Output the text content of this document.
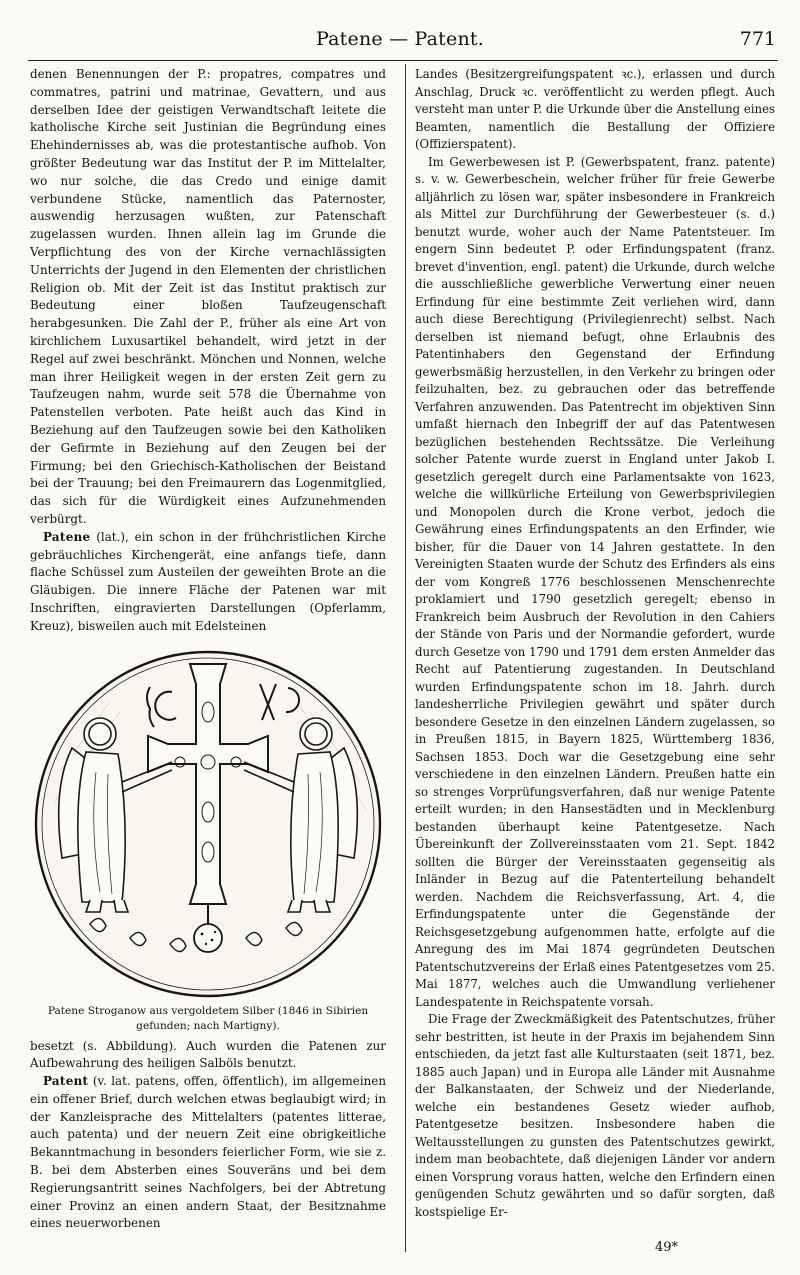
Patene — Patent.	771

denen Benennungen der P.: propatres, compatres und commatres, patrini und matrinae, Gevattern, und aus derselben Idee der geistigen Verwandtschaft leitete die katholische Kirche seit Justinian die Begründung eines Ehehindernisses ab, was die protestantische aufhob. Von größter Bedeutung war das Institut der P. im Mittelalter, wo nur solche, die das Credo und einige damit verbundene Stücke, namentlich das Paternoster, auswendig herzusagen wußten, zur Patenschaft zugelassen wurden. Ihnen allein lag im Grunde die Verpflichtung des von der Kirche vernachlässigten Unterrichts der Jugend in den Elementen der christlichen Religion ob. Mit der Zeit ist das Institut praktisch zur Bedeutung einer bloßen Taufzeugenschaft herabgesunken. Die Zahl der P., früher als eine Art von kirchlichem Luxusartikel behandelt, wird jetzt in der Regel auf zwei beschränkt. Mönchen und Nonnen, welche man ihrer Heiligkeit wegen in der ersten Zeit gern zu Taufzeugen nahm, wurde seit 578 die Übernahme von Patenstellen verboten. Pate heißt auch das Kind in Beziehung auf den Taufzeugen sowie bei den Katholiken der Gefirmte in Beziehung auf den Zeugen bei der Firmung; bei den Griechisch-Katholischen der Beistand bei der Trauung; bei den Freimaurern das Logenmitglied, das sich für die Würdigkeit eines Aufzunehmenden verbürgt.

Patene (lat.), ein schon in der frühchristlichen Kirche gebräuchliches Kirchengerät, eine anfangs tiefe, dann flache Schüssel zum Austeilen der geweihten Brote an die Gläubigen. Die innere Fläche der Patenen war mit Inschriften, eingravierten Darstellungen (Opferlamm, Kreuz), bisweilen auch mit Edelsteinen

Patene Stroganow aus vergoldetem Silber (1846 in Sibirien gefunden; nach Martigny).

besetzt (s. Abbildung). Auch wurden die Patenen zur Aufbewahrung des heiligen Salböls benutzt.

Patent (v. lat. patens, offen, öffentlich), im allgemeinen ein offener Brief, durch welchen etwas beglaubigt wird; in der Kanzleisprache des Mittelalters (patentes litterae, auch patenta) und der neuern Zeit eine obrigkeitliche Bekanntmachung in besonders feierlicher Form, wie sie z. B. bei dem Absterben eines Souveräns und bei dem Regierungsantritt seines Nachfolgers, bei der Abtretung einer Provinz an einen andern Staat, der Besitznahme eines neuerworbenen

Landes (Besitzergreifungspatent ꝛc.), erlassen und durch Anschlag, Druck ꝛc. veröffentlicht zu werden pflegt. Auch versteht man unter P. die Urkunde über die Anstellung eines Beamten, namentlich die Bestallung der Offiziere (Offizierspatent).

Im Gewerbewesen ist P. (Gewerbspatent, franz. patente) s. v. w. Gewerbeschein, welcher früher für freie Gewerbe alljährlich zu lösen war, später insbesondere in Frankreich als Mittel zur Durchführung der Gewerbesteuer (s. d.) benutzt wurde, woher auch der Name Patentsteuer. Im engern Sinn bedeutet P. oder Erfindungspatent (franz. brevet d'invention, engl. patent) die Urkunde, durch welche die ausschließliche gewerbliche Verwertung einer neuen Erfindung für eine bestimmte Zeit verliehen wird, dann auch diese Berechtigung (Privilegienrecht) selbst. Nach derselben ist niemand befugt, ohne Erlaubnis des Patentinhabers den Gegenstand der Erfindung gewerbsmäßig herzustellen, in den Verkehr zu bringen oder feilzuhalten, bez. zu gebrauchen oder das betreffende Verfahren anzuwenden. Das Patentrecht im objektiven Sinn umfaßt hiernach den Inbegriff der auf das Patentwesen bezüglichen bestehenden Rechtssätze. Die Verleihung solcher Patente wurde zuerst in England unter Jakob I. gesetzlich geregelt durch eine Parlamentsakte von 1623, welche die willkürliche Erteilung von Gewerbsprivilegien und Monopolen durch die Krone verbot, jedoch die Gewährung eines Erfindungspatents an den Erfinder, wie bisher, für die Dauer von 14 Jahren gestattete. In den Vereinigten Staaten wurde der Schutz des Erfinders als eins der vom Kongreß 1776 beschlossenen Menschenrechte proklamiert und 1790 gesetzlich geregelt; ebenso in Frankreich beim Ausbruch der Revolution in den Cahiers der Stände von Paris und der Normandie gefordert, wurde durch Gesetze von 1790 und 1791 dem ersten Anmelder das Recht auf Patentierung zugestanden. In Deutschland wurden Erfindungspatente schon im 18. Jahrh. durch landesherrliche Privilegien gewährt und später durch besondere Gesetze in den einzelnen Ländern zugelassen, so in Preußen 1815, in Bayern 1825, Württemberg 1836, Sachsen 1853. Doch war die Gesetzgebung eine sehr verschiedene in den einzelnen Ländern. Preußen hatte ein so strenges Vorprüfungsverfahren, daß nur wenige Patente erteilt wurden; in den Hansestädten und in Mecklenburg bestanden überhaupt keine Patentgesetze. Nach Übereinkunft der Zollvereinsstaaten vom 21. Sept. 1842 sollten die Bürger der Vereinsstaaten gegenseitig als Inländer in Bezug auf die Patenterteilung behandelt werden. Nachdem die Reichsverfassung, Art. 4, die Erfindungspatente unter die Gegenstände der Reichsgesetzgebung aufgenommen hatte, erfolgte auf die Anregung des im Mai 1874 gegründeten Deutschen Patentschutzvereins der Erlaß eines Patentgesetzes vom 25. Mai 1877, welches auch die Umwandlung verliehener Landespatente in Reichspatente vorsah.

Die Frage der Zweckmäßigkeit des Patentschutzes, früher sehr bestritten, ist heute in der Praxis im bejahendem Sinn entschieden, da jetzt fast alle Kulturstaaten (seit 1871, bez. 1885 auch Japan) und in Europa alle Länder mit Ausnahme der Balkanstaaten, der Schweiz und der Niederlande, welche ein bestandenes Gesetz wieder aufhob, Patentgesetze besitzen. Insbesondere haben die Weltausstellungen zu gunsten des Patentschutzes gewirkt, indem man beobachtete, daß diejenigen Länder vor andern einen Vorsprung voraus hatten, welche den Erfindern einen genügenden Schutz gewährten und so dafür sorgten, daß kostspielige Er-

49*
